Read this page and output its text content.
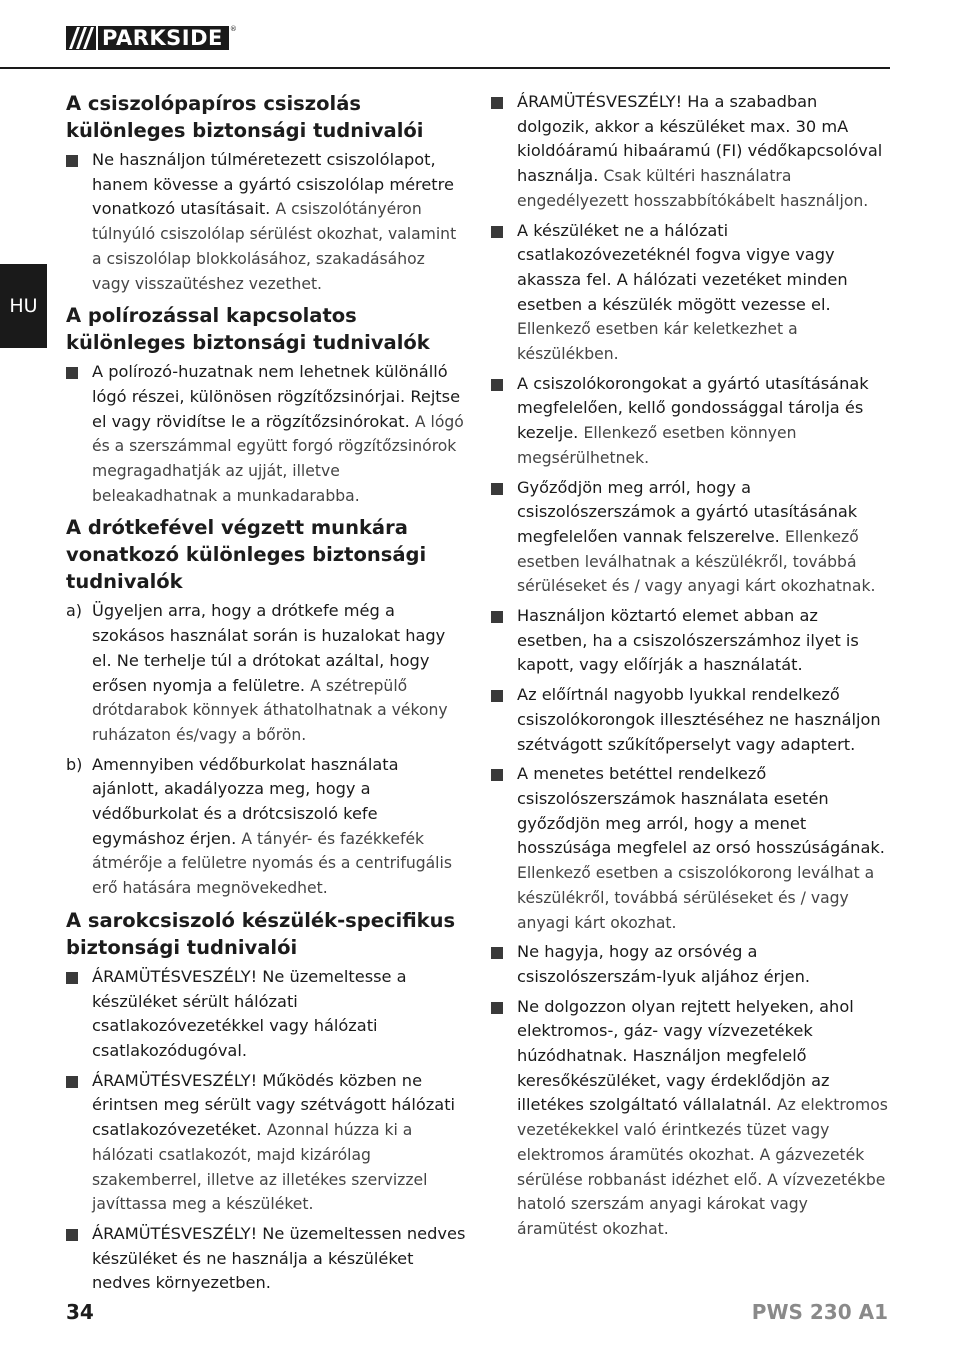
PARKSIDE	®
HU
A csiszolópapíros csiszolás különleges biztonsági tudnivalói
Ne használjon túlméretezett csiszolólapot, hanem kövesse a gyártó csiszolólap méretre vonatkozó utasításait. A csiszolótányéron túlnyúló csiszolólap sérülést okozhat, valamint a csiszolólap blokkolásához, szakadásához vagy visszaütéshez vezethet.
A polírozással kapcsolatos különleges biztonsági tudnivalók
A polírozó-huzatnak nem lehetnek különálló lógó részei, különösen rögzítőzsinórjai. Rejtse el vagy rövidítse le a rögzítőzsinórokat. A lógó és a szerszámmal együtt forgó rögzítőzsinórok megragadhatják az ujját, illetve beleakadhatnak a munkadarabba.
A drótkefével végzett munkára vonatkozó különleges biztonsági tudnivalók
a) Ügyeljen arra, hogy a drótkefe még a szokásos használat során is huzalokat hagy el. Ne terhelje túl a drótokat azáltal, hogy erősen nyomja a felületre. A szétrepülő drótdarabok könnyek áthatolhatnak a vékony ruházaton és/vagy a bőrön.
b) Amennyiben védőburkolat használata ajánlott, akadályozza meg, hogy a védőburkolat és a drótcsiszoló kefe egymáshoz érjen. A tányér- és fazékkefék átmérője a felületre nyomás és a centrifugális erő hatására megnövekedhet.
A sarokcsiszoló készülék-specifikus biztonsági tudnivalói
ÁRAMÜTÉSVESZÉLY! Ne üzemeltesse a készüléket sérült hálózati csatlakozóvezetékkel vagy hálózati csatlakozódugóval.
ÁRAMÜTÉSVESZÉLY! Működés közben ne érintsen meg sérült vagy szétvágott hálózati csatlakozóvezetéket. Azonnal húzza ki a hálózati csatlakozót, majd kizárólag szakemberrel, illetve az illetékes szervizzel javíttassa meg a készüléket.
ÁRAMÜTÉSVESZÉLY! Ne üzemeltessen nedves készüléket és ne használja a készüléket nedves környezetben.
ÁRAMÜTÉSVESZÉLY! Ha a szabadban dolgozik, akkor a készüléket max. 30 mA kioldóáramú hibaáramú (FI) védőkapcsolóval használja. Csak kültéri használatra engedélyezett hosszabbítókábelt használjon.
A készüléket ne a hálózati csatlakozóvezetéknél fogva vigye vagy akassza fel. A hálózati vezetéket minden esetben a készülék mögött vezesse el. Ellenkező esetben kár keletkezhet a készülékben.
A csiszolókorongokat a gyártó utasításának megfelelően, kellő gondossággal tárolja és kezelje. Ellenkező esetben könnyen megsérülhetnek.
Győződjön meg arról, hogy a csiszolószerszámok a gyártó utasításának megfelelően vannak felszerelve. Ellenkező esetben leválhatnak a készülékről, továbbá sérüléseket és / vagy anyagi kárt okozhatnak.
Használjon köztartó elemet abban az esetben, ha a csiszolószerszámhoz ilyet is kapott, vagy előírják a használatát.
Az előírtnál nagyobb lyukkal rendelkező csiszolókorongok illesztéséhez ne használjon szétvágott szűkítőperselyt vagy adaptert.
A menetes betéttel rendelkező csiszolószerszámok használata esetén győződjön meg arról, hogy a menet hosszúsága megfelel az orsó hosszúságának. Ellenkező esetben a csiszolókorong leválhat a készülékről, továbbá sérüléseket és / vagy anyagi kárt okozhat.
Ne hagyja, hogy az orsóvég a csiszolószerszám-lyuk aljához érjen.
Ne dolgozzon olyan rejtett helyeken, ahol elektromos-, gáz- vagy vízvezetékek húzódhatnak. Használjon megfelelő keresőkészüléket, vagy érdeklődjön az illetékes szolgáltató vállalatnál. Az elektromos vezetékekkel való érintkezés tüzet vagy elektromos áramütés okozhat. A gázvezeték sérülése robbanást idézhet elő. A vízvezetékbe hatoló szerszám anyagi károkat vagy áramütést okozhat.
34	PWS 230 A1
